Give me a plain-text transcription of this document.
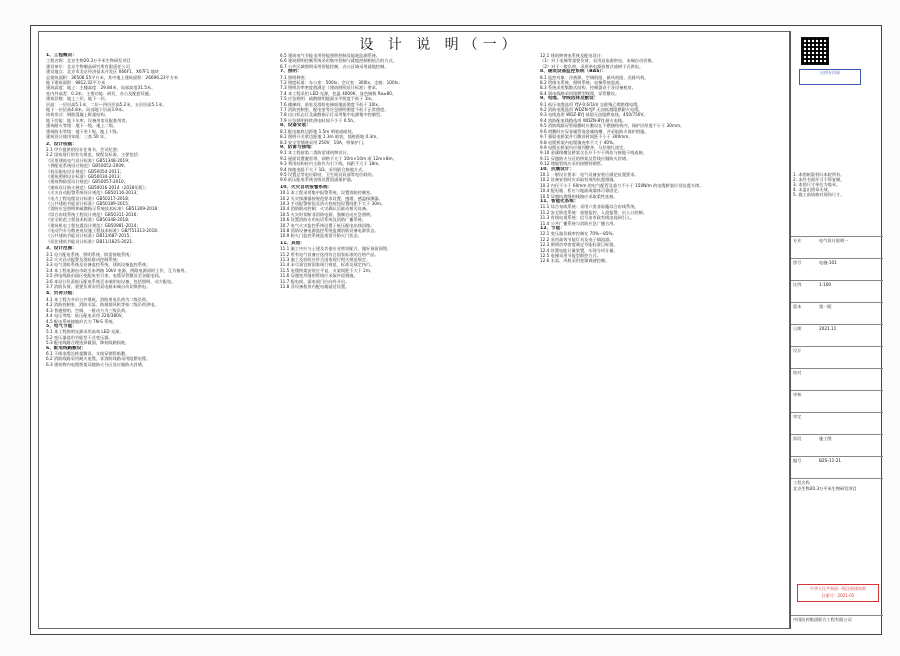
设 计 说 明（一）
1、工程概况：
工程名称：北京生物20.3万平米生物研发项目
建设单位：北京生物制品研究所有限责任公司
建设地点：北京市北京经济技术开发区 X66F1、X67F1 地块
总建筑面积：36508.55平方米，其中地上建筑面积：26696.23平方米
地下建筑面积：9812.32平方米
建筑高度：地上：主楼高度：29.84米，局部高度31.5米。
室内外高差：0.3米；主要功能：研发、办公及配套设施。
建筑层数：地上三层，地下一层。
层高：一层层高5.1米，二层～四层层高5.2米，五层层高5.1米。
地下一层层高4.8米，局部地下层高3.9米。
结构形式：钢筋混凝土框架结构。
地下功能：地下车库、设备用房及配套用房。
建筑耐火等级：地下一级，地上二级。
建筑防水等级：地下室 I 级，地上 I 级。
建筑设计使用年限：三类 50 年。
2、设计依据：
2.1 甲方提供的设计任务书、会议纪要；
2.2 国家现行的有关规范、规程及标准。主要包括：
《民用建筑电气设计标准》GB51348-2019；
《供配电系统设计规范》GB50052-2009；
《低压配电设计规范》GB50054-2011；
《建筑照明设计标准》GB50034-2013；
《建筑物防雷设计规范》GB50057-2010；
《建筑设计防火规范》GB50016-2014（2018年版）；
《火灾自动报警系统设计规范》GB50116-2013；
《电力工程电缆设计标准》GB50217-2018；
《公共建筑节能设计标准》GB50189-2015；
《消防应急照明和疏散指示系统技术标准》GB51309-2018；
《综合布线系统工程设计规范》GB50311-2016；
《安全防范工程技术标准》GB50348-2018；
《建筑机电工程抗震设计规范》GB50981-2014；
《电动汽车分散充电设施工程技术标准》GB/T51313-2018；
《公共建筑节能设计标准》DB11/687-2015；
《居住建筑节能设计标准》DB11/1825-2021；
3、设计范围：
3.1 电力配电系统、照明系统、防雷接地系统；
3.2 火灾自动报警及消防联动控制系统；
3.3 电气消防系统及设备监控系统、建筑设备监控系统；
3.4 本工程电源由市政引来两路 10kV 电源，两路电源同时工作，互为备用。
3.5 供电线路由园区变配电室引来，电缆穿管敷设至各配电间。
3.6 本设计负责低压配电系统至末端用电设备，包括照明、动力配电。
3.7 消防负荷、重要负荷采用双电源末端自动切换供电。
4、负荷分级：
4.1 本工程为多层公共建筑，消防用电负荷为二级负荷。
4.2 消防控制室、消防水泵、防排烟风机等按二级负荷供电。
4.3 普通照明、空调、一般动力为三级负荷。
4.4 电压等级：低压配电采用 220/380V。
4.5 配电系统接地形式为 TN-S 系统。
5、电气节能：
5.1 本工程照明光源采用高效 LED 光源。
5.2 变压器选用节能型干式变压器。
5.3 配电线路合理选择截面，降低线路损耗。
6、配电线路敷设：
6.1 干线电缆沿桥架敷设，支线穿钢管暗敷。
6.2 消防线路采用耐火电缆，非消防线路采用阻燃电缆。
6.3 建筑物内电缆桥架穿越防火分区处应做防火封堵。
6.5 建筑电气节能采用智能照明控制及能耗监测系统。
6.6 建筑照明控制系统采用集中控制与就地控制相结合的方式。
6.7 公共区域照明采用智能控制，办公区域采用就地控制。
7、照明：
7.1 照明种类：
7.2 照度标准：办公室：500lx；会议室：300lx；走廊：100lx；
7.3 照明功率密度值满足《建筑照明设计标准》要求。
7.4 本工程采用 LED 光源，色温 4000K，显色指数 Ra≥80。
7.5 应急照明：疏散照明地面水平照度不低于 1lx。
7.6 楼梯间、前室及消防电梯间地面照度不低于 10lx。
7.7 消防控制室、配电室等应急照明照度不低于正常照度。
7.8 出口标志灯及疏散指示灯采用集中电源集中控制型。
7.9 应急照明持续供电时间不少于 0.5h。
8、设备安装：
8.1 配电箱底边距地 1.5m 明装或暗装。
8.2 照明开关底边距地 1.3m 暗装，插座距地 0.3m。
8.3 安全型插座采用 250V、10A，带保护门。
9、防雷与接地：
9.1 本工程按第二类防雷建筑物设计。
9.2 屋面设置避雷带，网格不大于 10m×10m 或 12m×8m。
9.3 利用结构柱内主筋作为引下线，间距不大于 18m。
9.4 接地电阻不大于 1Ω，采用联合接地方式。
9.5 设置总等电位联结，卫生间设局部等电位联结。
9.6 低压配电系统各级设置浪涌保护器。
10、火灾自动报警系统：
10.1 本工程采用集中报警系统，设置消防控制室。
10.2 火灾探测器按规范要求设置，感烟、感温探测器。
10.3 手动报警按钮及消火栓按钮设置间距不大于 30m。
10.4 消防联动控制：火灾确认后联动相关设备。
10.5 火灾时切断非消防电源，强制启动应急照明。
10.6 设置消防专用电话系统及消防广播系统。
10.7 电气火灾监控系统设置于低压配电出线回路。
10.8 消防设备电源监控系统监测消防设备电源状态。
10.9 防火门监控系统监视常开防火门状态。
11、其他：
11.1 施工中应与土建及其他专业密切配合，做好预留预埋。
11.2 所有电气设备应选用符合国家标准的合格产品。
11.3 施工及验收应符合国家现行相关规范规定。
11.4 未尽事宜按国家现行规范、标准及规定执行。
11.5 电缆桥架安装应平直，支架间距不大于 2m。
11.6 穿越变形缝的管线应采取补偿措施。
11.7 配电间、弱电间门应向外开启。
11.8 各设备机房内配电箱就近设置。
12.1 建筑物供电系统及配电设计：
（1）对于电梯等重要负荷，采用双电源供电，末端自动切换。
（2）对于一般负荷，采用单电源放射式或树干式供电。
8、建筑设备监控系统（BAS）：
8.1 监控对象：冷热源、空调机组、新风机组、送排风机。
8.2 给排水系统、照明系统、电梯系统监视。
8.3 系统采用集散式结构，控制器设于各设备机房。
8.4 弱电线路采用阻燃型线缆，穿管敷设。
9、电缆、导线选择及敷设：
9.1 低压电缆选用 YJV-0.6/1kV 交联聚乙烯绝缘电缆。
9.2 消防电缆选用 WDZN-YJY 无卤低烟阻燃耐火电缆。
9.3 电线选用 WDZ-BYJ 低烟无卤阻燃电线，450/750V。
9.4 消防配电线路选用 WDZN-BYJ 耐火电线。
9.5 消防线路穿管暗敷时应敷设在不燃烧结构内，保护层厚度不小于 30mm。
9.6 明敷时应穿金属管或金属线槽，并采取防火保护措施。
9.7 强弱电桥架并行敷设时间距不小于 300mm。
9.8 电缆桥架内电缆填充率不大于 40%。
9.9 电缆在桥架内应排列整齐，分层绑扎固定。
9.10 金属线槽及桥架全长应不少于两处与接地干线连接。
9.11 穿越防火分区的桥架及管线应做防火封堵。
9.12 埋地管线应采用热镀锌钢管。
10、抗震设计：
10.1 一般设计要求：电气设备安装应满足抗震要求。
10.2 设备安装时应采取有效的抗震措施。
10.3 内径不小于 60mm 的电气配管及重力不小于 150N/m 的电缆桥架应设抗震支撑。
10.4 配电箱、柜应与地面或墙体可靠固定。
10.5 穿越抗震缝的线路应采取柔性连接。
11、智能化系统：
11.1 综合布线系统：采用六类非屏蔽综合布线系统。
11.2 安全防范系统：视频监控、入侵报警、出入口控制。
11.3 有线电视系统：信号由市政有线电视网引入。
11.4 公共广播系统与消防应急广播合用。
12、节能：
12.1 变压器负载率控制在 70%～85%。
12.2 采用高效节能灯具及电子镇流器。
12.3 照明功率密度满足节能标准目标值。
12.4 设置电能计量装置，实现分项计量。
12.5 电梯采用节能型群控方式。
12.6 水泵、风机采用变频调速控制。
出图专用章
1. 本图纸版权归本院所有。
2. 未经书面许可不得复制。
3. 本图尺寸单位为毫米。
4. 未盖出图章无效。
5. 施工前请核对现场尺寸。
专业	电气设计说明一
图号	电施-101
比例	1:100
版本	第一版
日期	2021.11
设计
校对
审核
审定
阶段	施工图
编号	BZS-11-21
工程名称北京生物20.3万平米生物研发项目
中华人民共和国一级注册建筑师
注册号：2021-05
中国医药集团联合工程有限公司
